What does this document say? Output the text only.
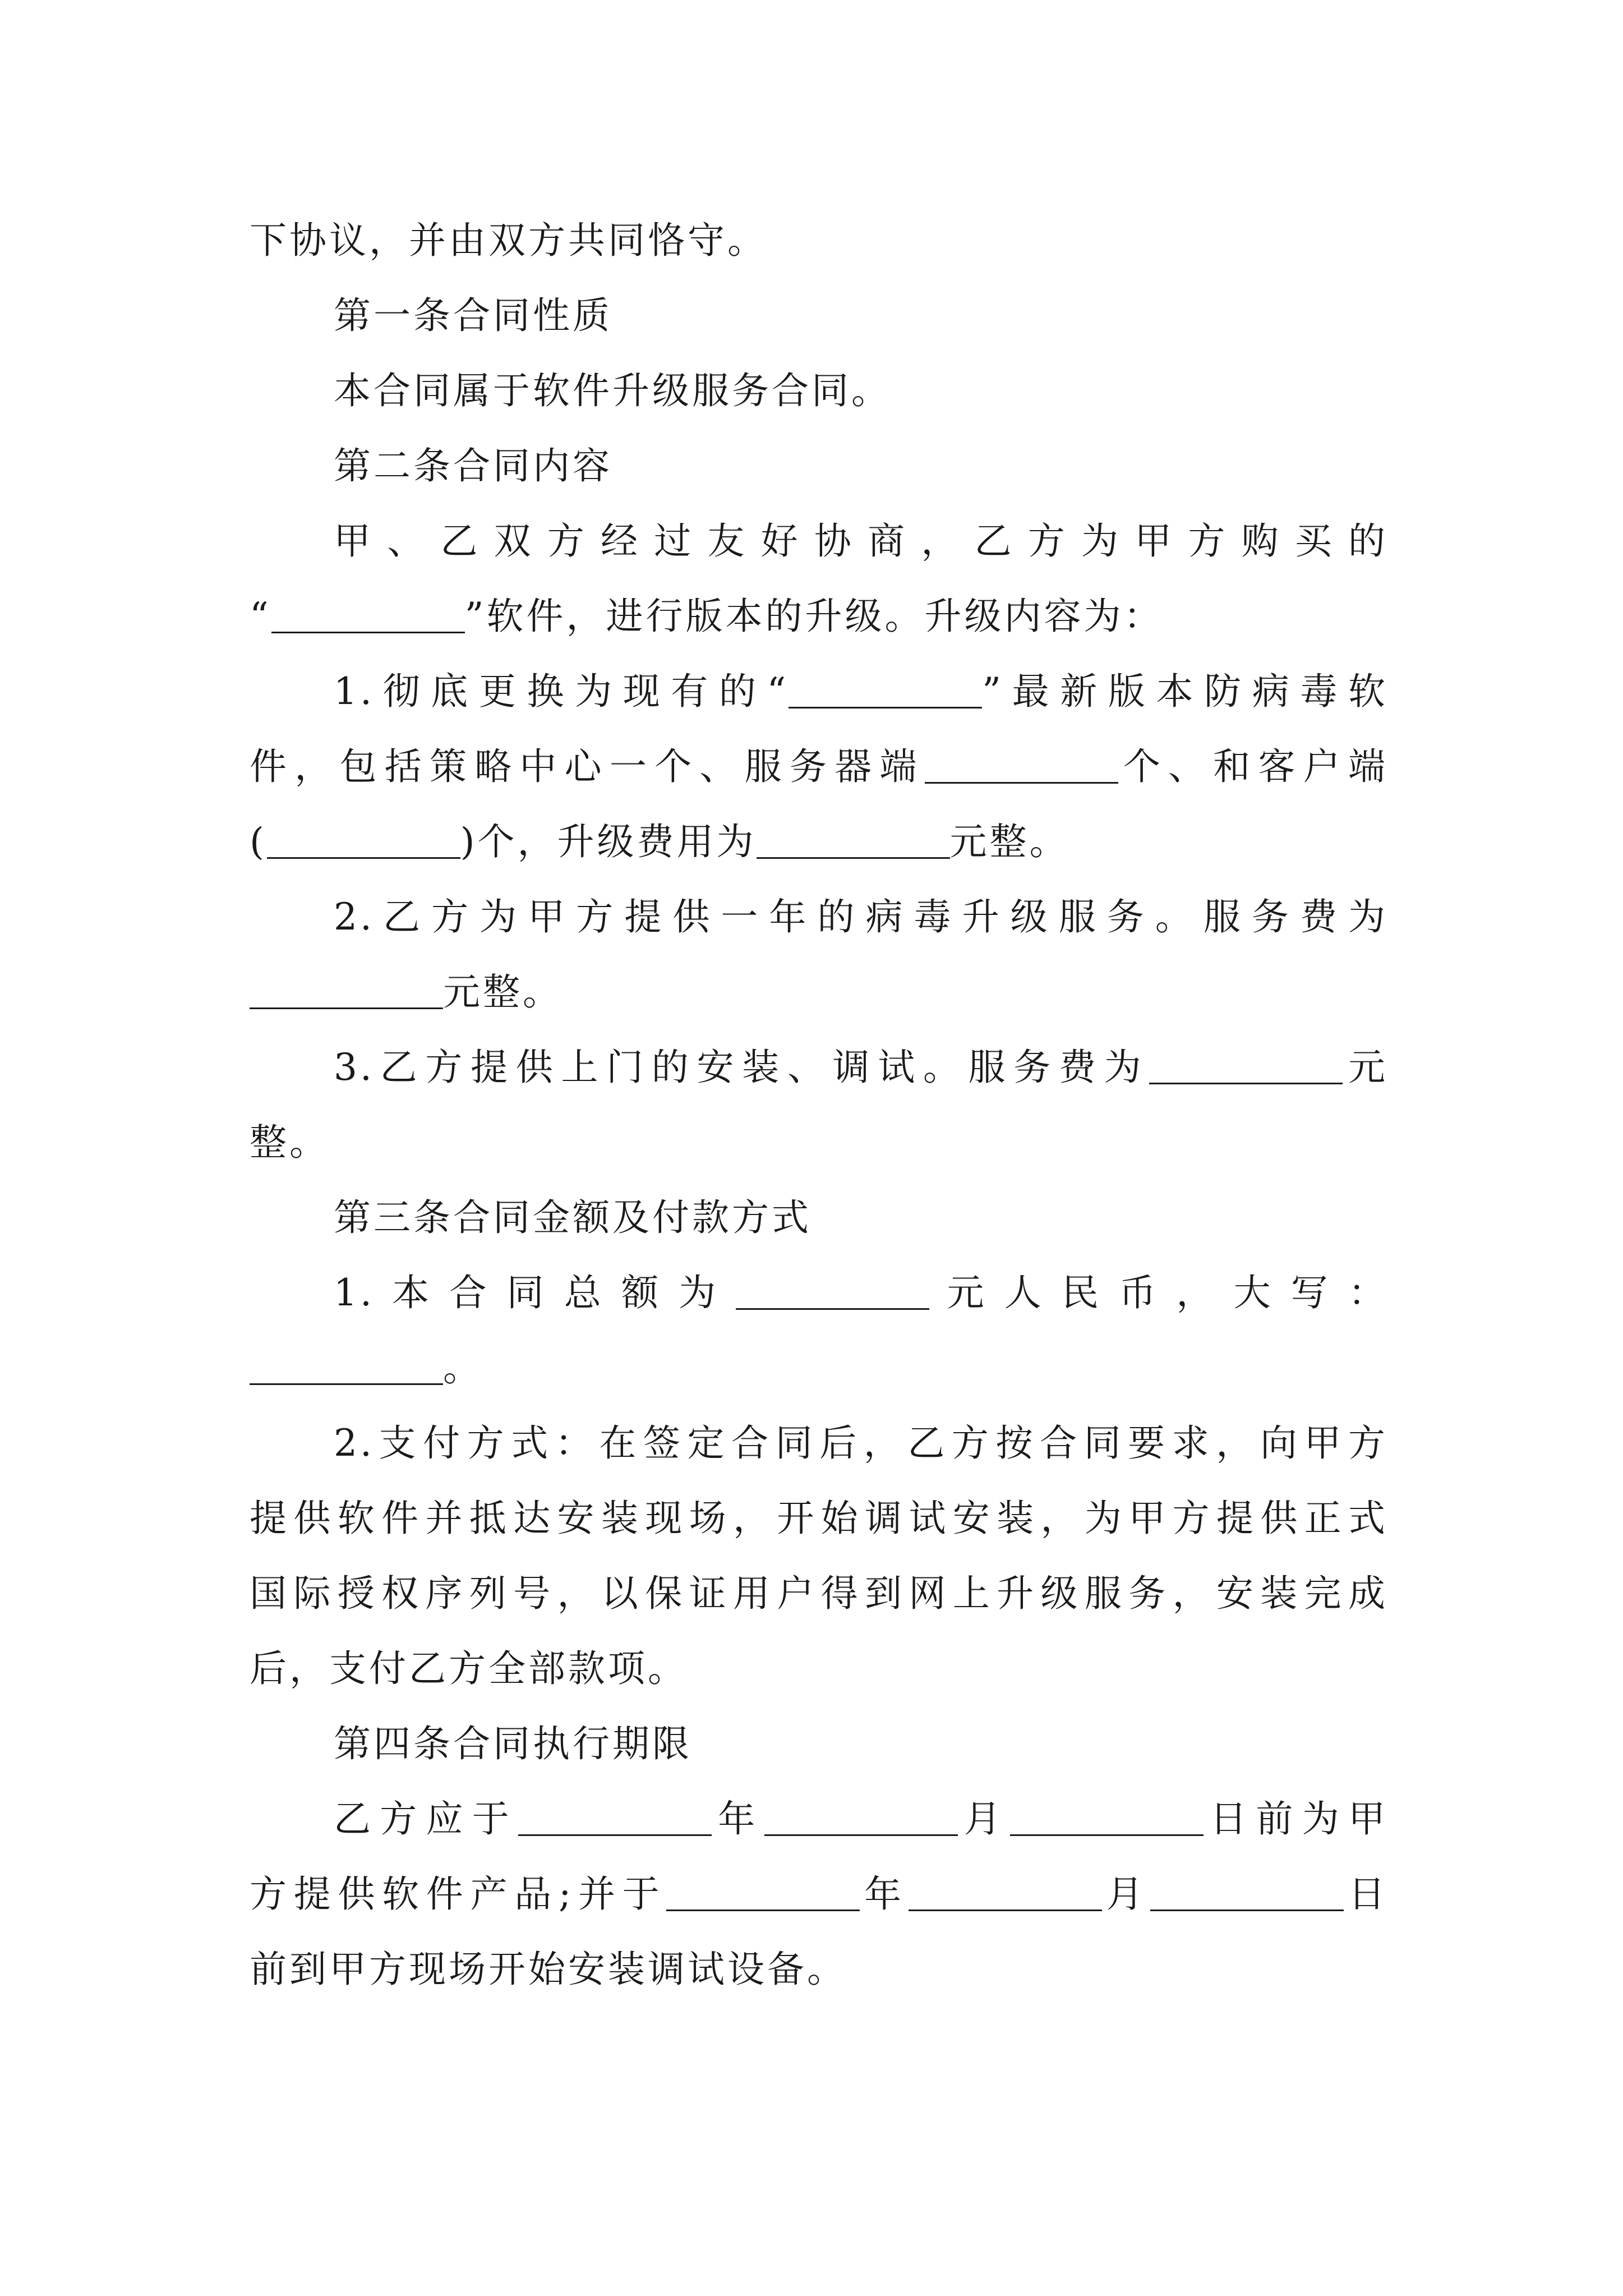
下协议，并由双方共同恪守。

第一条合同性质

本合同属于软件升级服务合同。

第二条合同内容

甲、乙双方经过友好协商，乙方为甲方购买的

“	”软件，进行版本的升级。升级内容为：

1.彻底更换为现有的“	”最新版本防病毒软

件，包括策略中心一个、服务器端	个、和客户端

(	)个，升级费用为	元整。

2.乙方为甲方提供一年的病毒升级服务。服务费为

元整。

3.乙方提供上门的安装、调试。服务费为	元

整。

第三条合同金额及付款方式

1.本合同总额为	元人民币，大写：

。

2.支付方式：在签定合同后，乙方按合同要求，向甲方

提供软件并抵达安装现场，开始调试安装，为甲方提供正式

国际授权序列号，以保证用户得到网上升级服务，安装完成

后，支付乙方全部款项。

第四条合同执行期限

乙方应于	年	月	日前为甲

方提供软件产品;并于	年	月	日

前到甲方现场开始安装调试设备。
